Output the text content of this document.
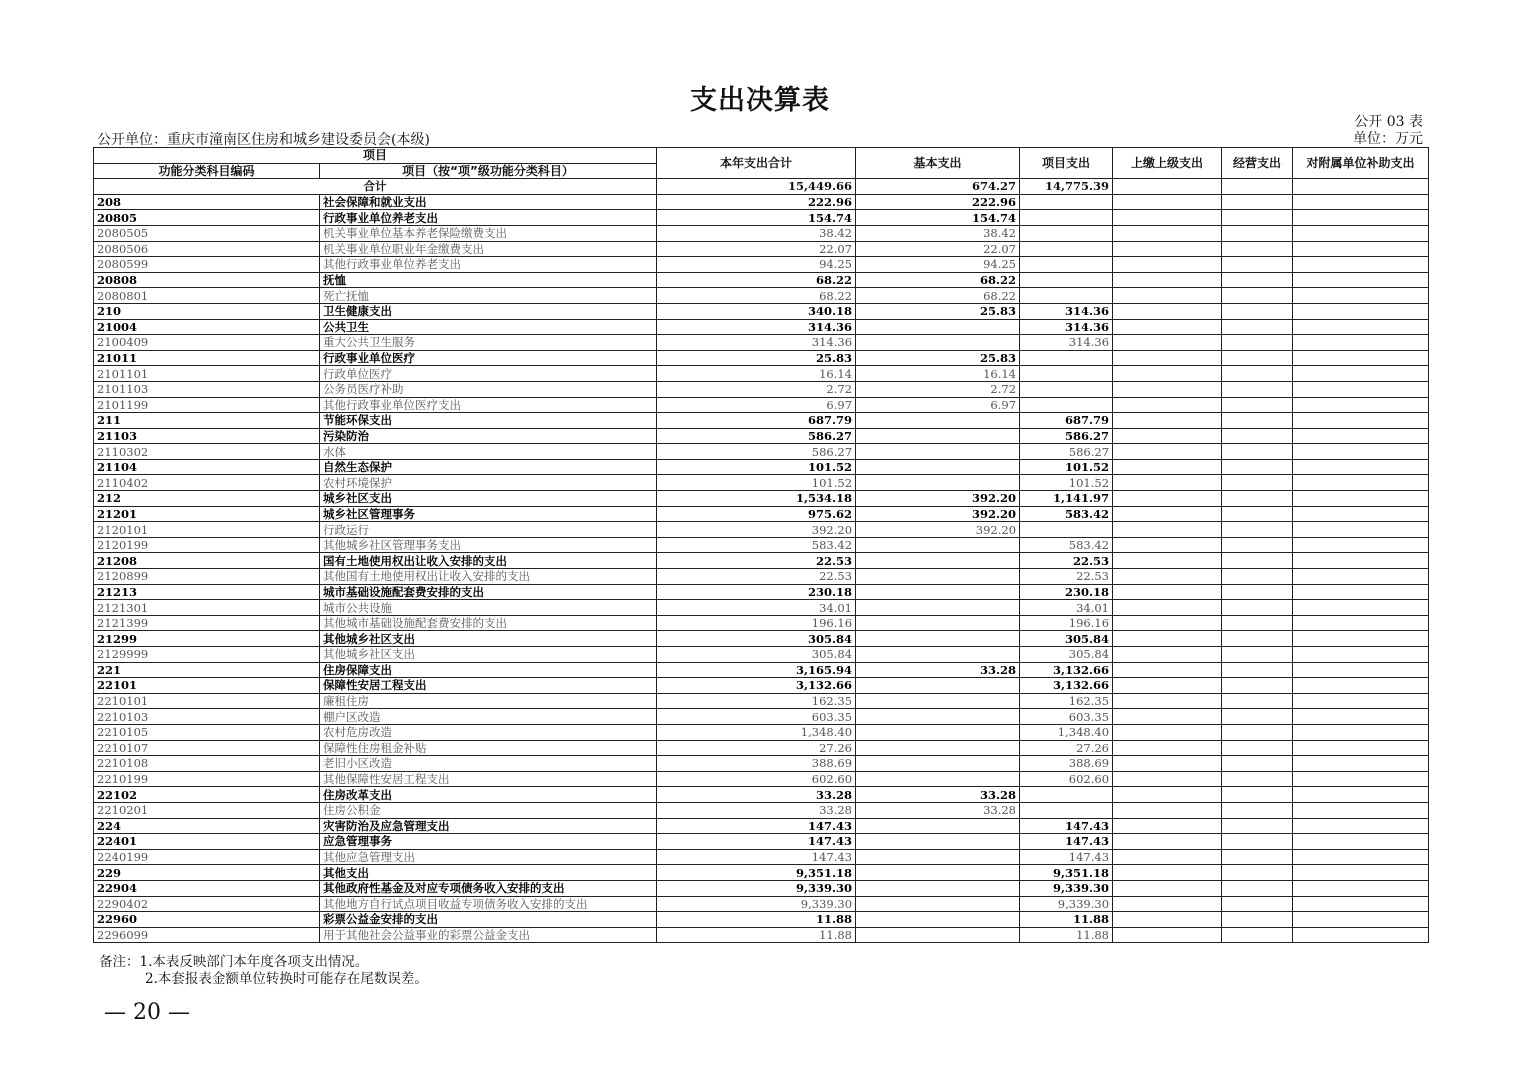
支出决算表
公开 03 表
公开单位：重庆市潼南区住房和城乡建设委员会(本级)	单位：万元
项目		本年支出合计	基本支出	项目支出	上缴上级支出	经营支出	对附属单位补助支出
功能分类科目编码	项目（按“项”级功能分类科目）						
合计		15,449.66	674.27	14,775.39			
208	社会保障和就业支出	222.96	222.96				
20805	行政事业单位养老支出	154.74	154.74				
2080505	机关事业单位基本养老保险缴费支出	38.42	38.42				
2080506	机关事业单位职业年金缴费支出	22.07	22.07				
2080599	其他行政事业单位养老支出	94.25	94.25				
20808	抚恤	68.22	68.22				
2080801	死亡抚恤	68.22	68.22				
210	卫生健康支出	340.18	25.83	314.36			
21004	公共卫生	314.36		314.36			
2100409	重大公共卫生服务	314.36		314.36			
21011	行政事业单位医疗	25.83	25.83				
2101101	行政单位医疗	16.14	16.14				
2101103	公务员医疗补助	2.72	2.72				
2101199	其他行政事业单位医疗支出	6.97	6.97				
211	节能环保支出	687.79		687.79			
21103	污染防治	586.27		586.27			
2110302	水体	586.27		586.27			
21104	自然生态保护	101.52		101.52			
2110402	农村环境保护	101.52		101.52			
212	城乡社区支出	1,534.18	392.20	1,141.97			
21201	城乡社区管理事务	975.62	392.20	583.42			
2120101	行政运行	392.20	392.20				
2120199	其他城乡社区管理事务支出	583.42		583.42			
21208	国有土地使用权出让收入安排的支出	22.53		22.53			
2120899	其他国有土地使用权出让收入安排的支出	22.53		22.53			
21213	城市基础设施配套费安排的支出	230.18		230.18			
2121301	城市公共设施	34.01		34.01			
2121399	其他城市基础设施配套费安排的支出	196.16		196.16			
21299	其他城乡社区支出	305.84		305.84			
2129999	其他城乡社区支出	305.84		305.84			
221	住房保障支出	3,165.94	33.28	3,132.66			
22101	保障性安居工程支出	3,132.66		3,132.66			
2210101	廉租住房	162.35		162.35			
2210103	棚户区改造	603.35		603.35			
2210105	农村危房改造	1,348.40		1,348.40			
2210107	保障性住房租金补贴	27.26		27.26			
2210108	老旧小区改造	388.69		388.69			
2210199	其他保障性安居工程支出	602.60		602.60			
22102	住房改革支出	33.28	33.28				
2210201	住房公积金	33.28	33.28				
224	灾害防治及应急管理支出	147.43		147.43			
22401	应急管理事务	147.43		147.43			
2240199	其他应急管理支出	147.43		147.43			
229	其他支出	9,351.18		9,351.18			
22904	其他政府性基金及对应专项债务收入安排的支出	9,339.30		9,339.30			
2290402	其他地方自行试点项目收益专项债务收入安排的支出	9,339.30		9,339.30			
22960	彩票公益金安排的支出	11.88		11.88			
2296099	用于其他社会公益事业的彩票公益金支出	11.88		11.88			
备注：1.本表反映部门本年度各项支出情况。
2.本套报表金额单位转换时可能存在尾数误差。
— 20 —
